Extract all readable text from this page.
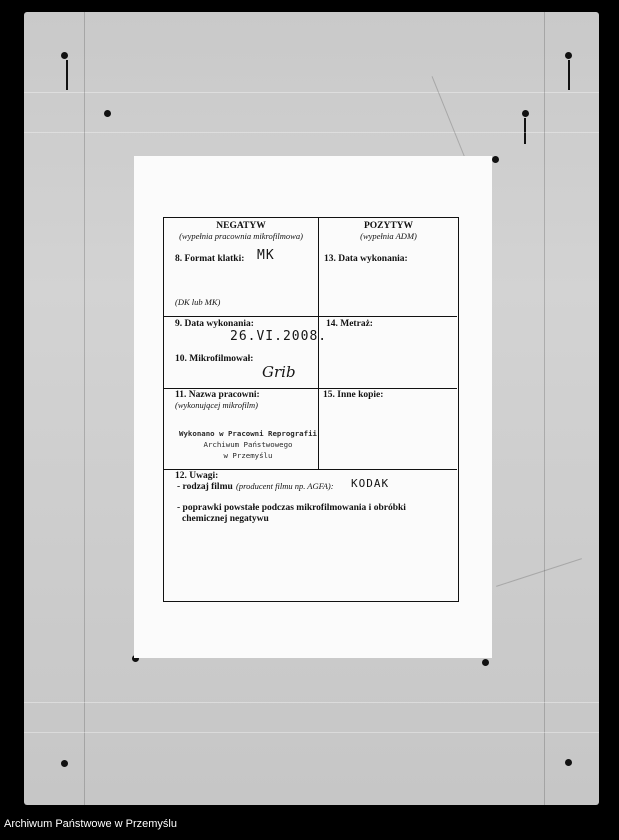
NEGATYW
(wypełnia pracownia mikrofilmowa)
POZYTYW
(wypełnia ADM)
8. Format klatki: MK
(DK lub MK)
13. Data wykonania:
9. Data wykonania:
26.VI.2008.
14. Metraż:
10. Mikrofilmował:
Grib
11. Nazwa pracowni:
(wykonującej mikrofilm)
Wykonano w Pracowni Reprografii
Archiwum Państwowego
w Przemyślu
15. Inne kopie:
12. Uwagi:
- rodzaj filmu (producent filmu np. AGFA): KODAK
- poprawki powstałe podczas mikrofilmowania i obróbki
chemicznej negatywu
Archiwum Państwowe w Przemyślu
